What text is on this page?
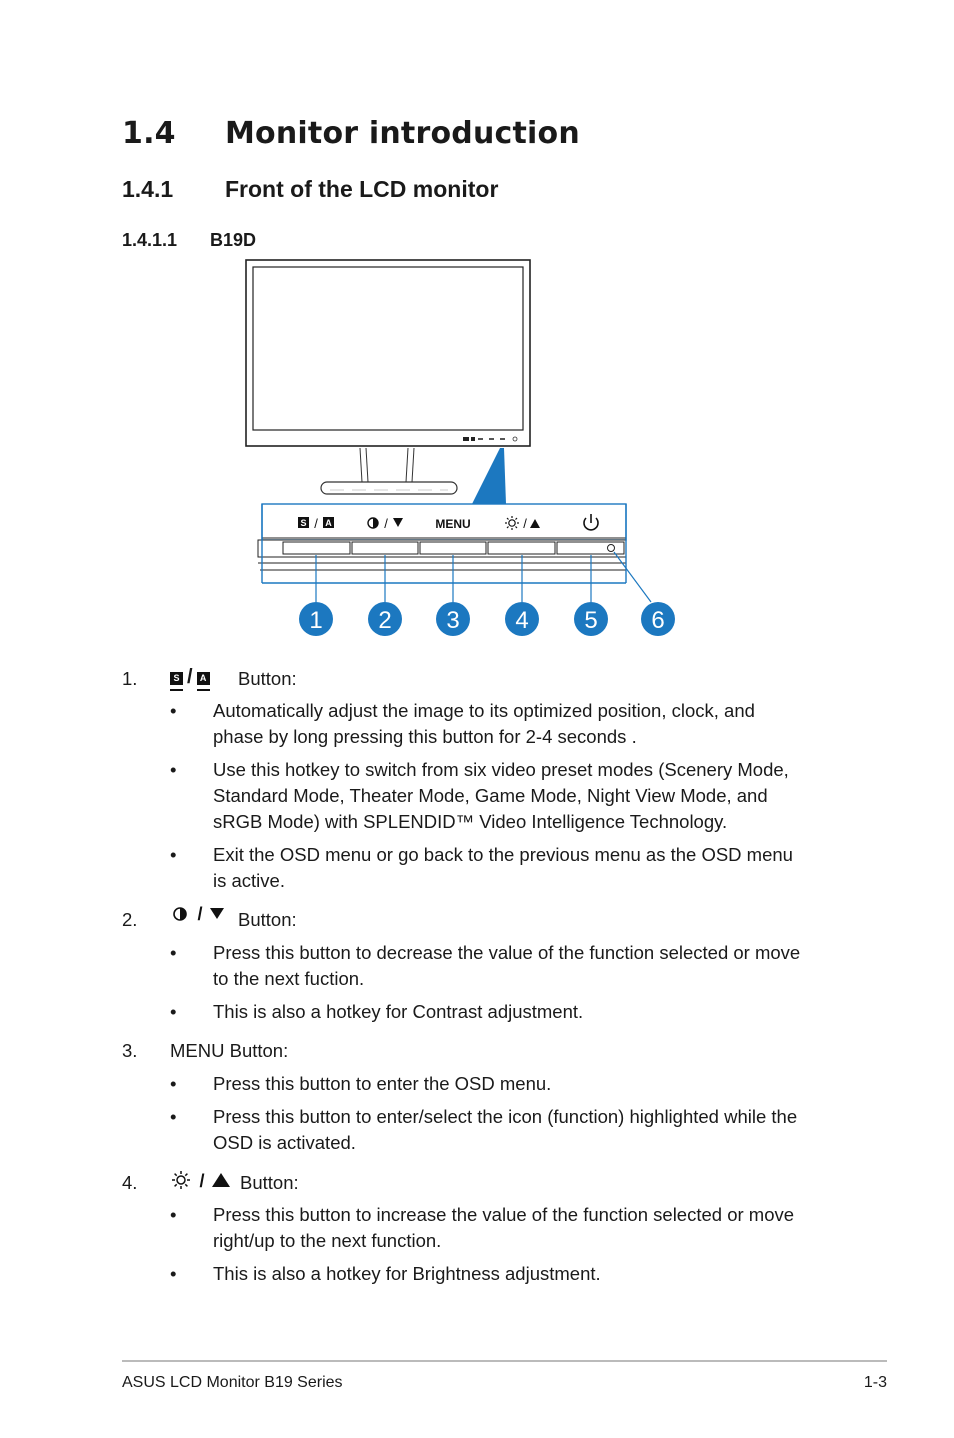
1.4 Monitor introduction
1.4.1 Front of the LCD monitor
1.4.1.1 B19D
S / A	/	MENU	/
1 2 3 4 5 6
1.	S / A Button:
• Automatically adjust the image to its optimized position, clock, and
phase by long pressing this button for 2-4 seconds .
• Use this hotkey to switch from six video preset modes (Scenery Mode,
Standard Mode, Theater Mode, Game Mode, Night View Mode, and
sRGB Mode) with SPLENDID™ Video Intelligence Technology.
• Exit the OSD menu or go back to the previous menu as the OSD menu
is active.
2.	/ Button:
• Press this button to decrease the value of the function selected or move
to the next fuction.
• This is also a hotkey for Contrast adjustment.
3. MENU Button:
• Press this button to enter the OSD menu.
• Press this button to enter/select the icon (function) highlighted while the
OSD is activated.
4.	/ Button:
• Press this button to increase the value of the function selected or move
right/up to the next function.
• This is also a hotkey for Brightness adjustment.
ASUS LCD Monitor B19 Series	1-3
